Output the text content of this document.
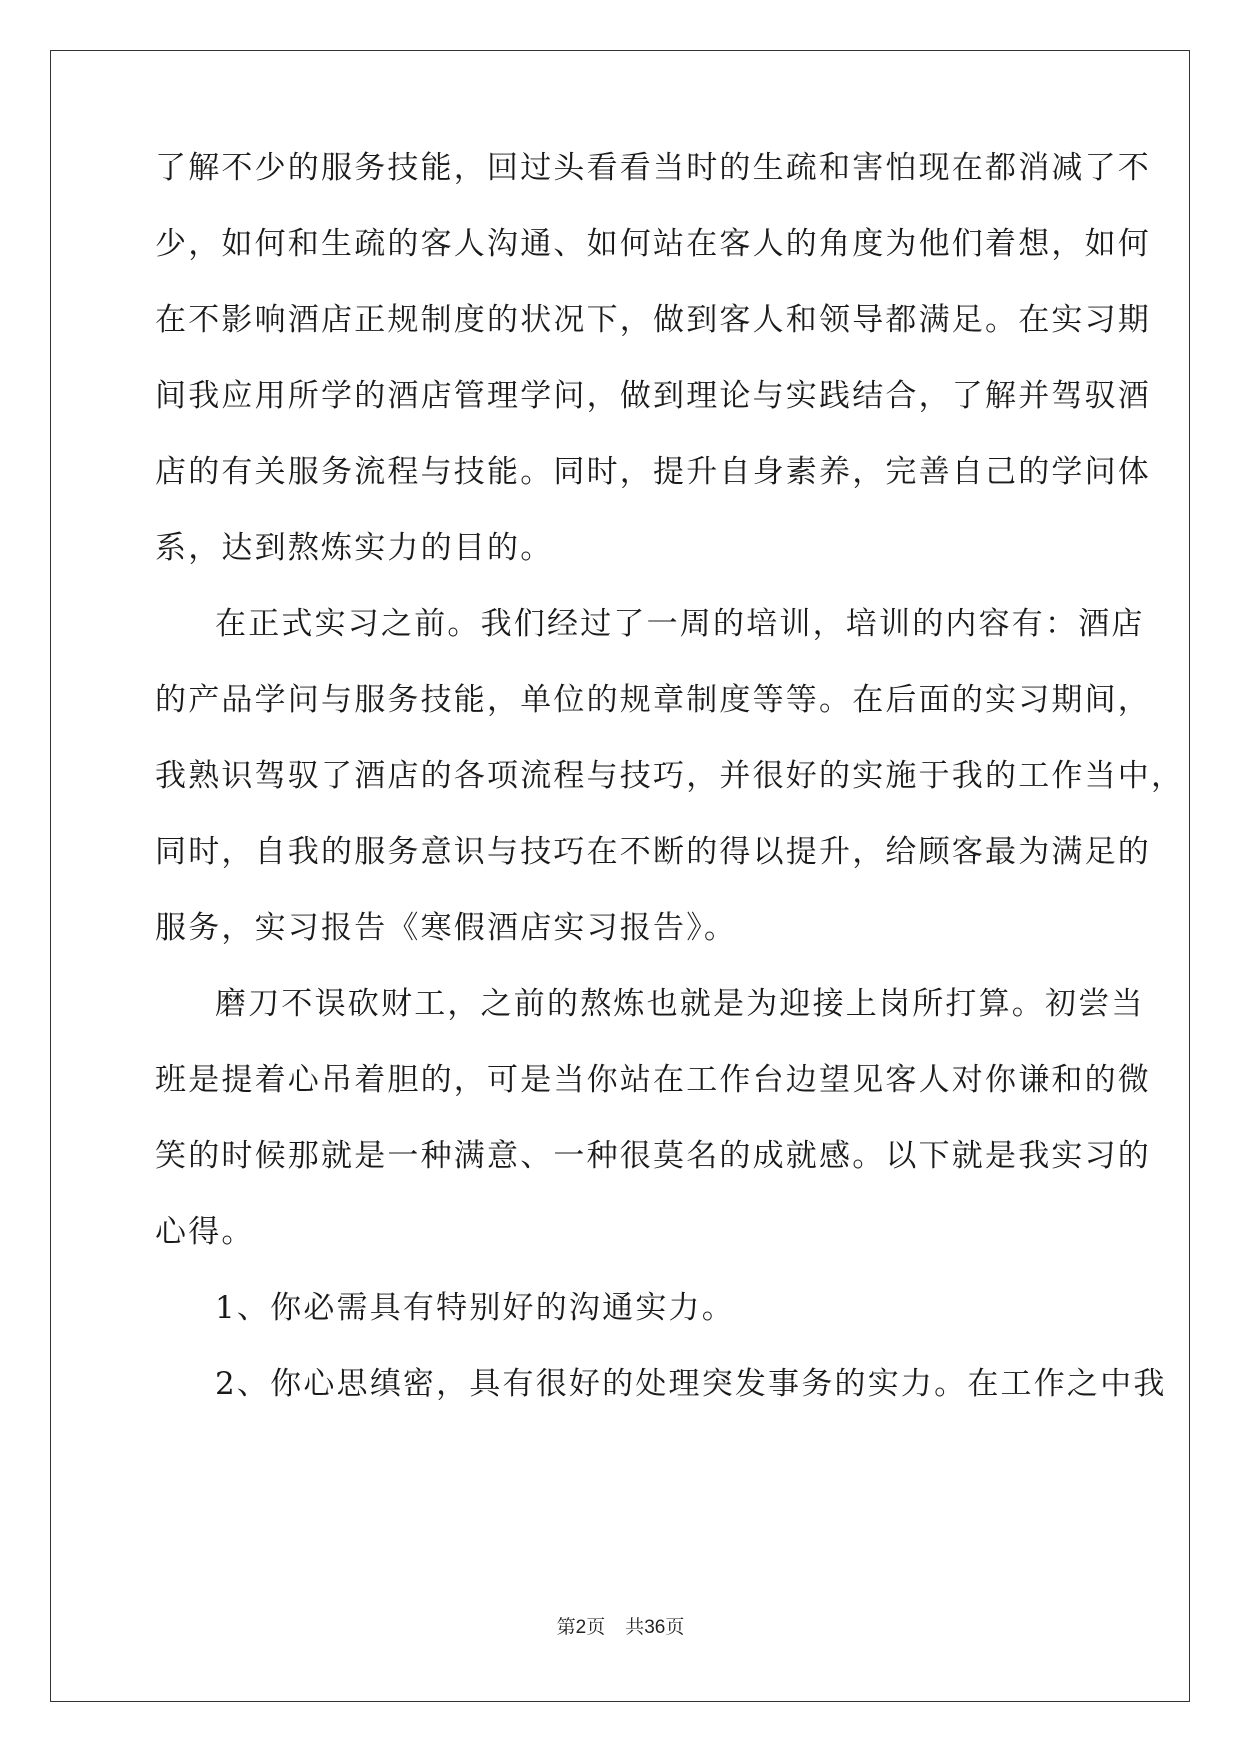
了解不少的服务技能，回过头看看当时的生疏和害怕现在都消减了不
少，如何和生疏的客人沟通、如何站在客人的角度为他们着想，如何
在不影响酒店正规制度的状况下，做到客人和领导都满足。在实习期
间我应用所学的酒店管理学问，做到理论与实践结合，了解并驾驭酒
店的有关服务流程与技能。同时，提升自身素养，完善自己的学问体
系，达到熬炼实力的目的。
在正式实习之前。我们经过了一周的培训，培训的内容有：酒店
的产品学问与服务技能，单位的规章制度等等。在后面的实习期间，
我熟识驾驭了酒店的各项流程与技巧，并很好的实施于我的工作当中，
同时，自我的服务意识与技巧在不断的得以提升，给顾客最为满足的
服务，实习报告《寒假酒店实习报告》。
磨刀不误砍财工，之前的熬炼也就是为迎接上岗所打算。初尝当
班是提着心吊着胆的，可是当你站在工作台边望见客人对你谦和的微
笑的时候那就是一种满意、一种很莫名的成就感。以下就是我实习的
心得。
1、你必需具有特别好的沟通实力。
2、你心思缜密，具有很好的处理突发事务的实力。在工作之中我
第2页 共36页
